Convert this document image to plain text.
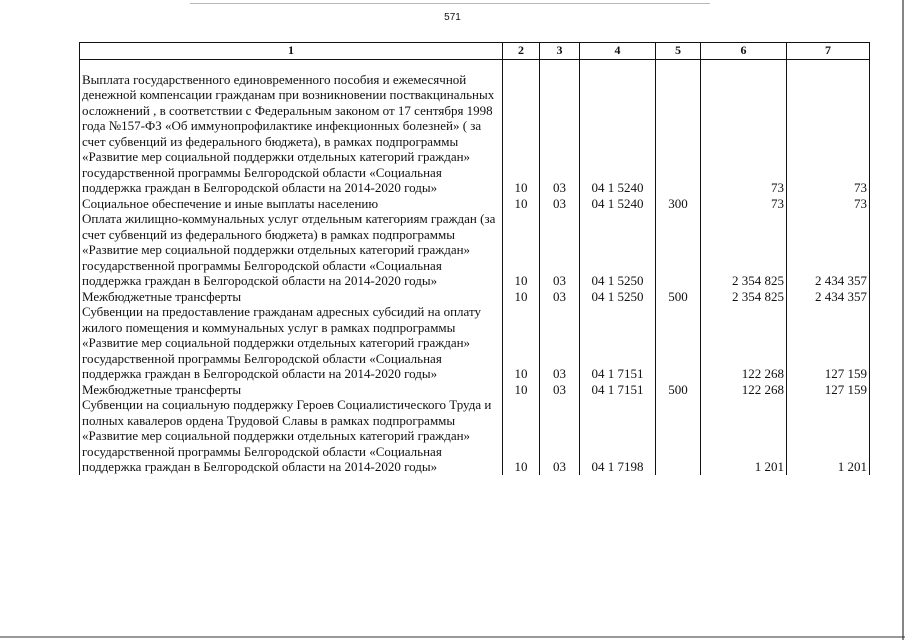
571
1	2	3	4	5	6	7

Выплата государственного единовременного пособия и ежемесячной денежной компенсации гражданам при возникновении поствакцинальных осложнений , в соответствии с Федеральным законом от 17 сентября 1998 года №157-ФЗ «Об иммунопрофилактике инфекционных болезней» ( за счет субвенций из федерального бюджета), в рамках подпрограммы «Развитие мер социальной поддержки отдельных категорий граждан» государственной программы Белгородской области «Социальная поддержка граждан в Белгородской области на 2014-2020 годы»	10	03	04 1 5240		73	73
Социальное обеспечение и иные выплаты населению	10	03	04 1 5240	300	73	73
Оплата жилищно-коммунальных услуг отдельным категориям граждан (за счет субвенций из федерального бюджета) в рамках подпрограммы «Развитие мер социальной поддержки отдельных категорий граждан» государственной программы Белгородской области «Социальная поддержка граждан в Белгородской области на 2014-2020 годы»	10	03	04 1 5250		2 354 825	2 434 357
Межбюджетные трансферты	10	03	04 1 5250	500	2 354 825	2 434 357
Субвенции на предоставление гражданам адресных субсидий на оплату жилого помещения и коммунальных услуг в рамках подпрограммы «Развитие мер социальной поддержки отдельных категорий граждан» государственной программы Белгородской области «Социальная поддержка граждан в Белгородской области на 2014-2020 годы»	10	03	04 1 7151		122 268	127 159
Межбюджетные трансферты	10	03	04 1 7151	500	122 268	127 159
Субвенции на социальную поддержку Героев Социалистического Труда и полных кавалеров ордена Трудовой Славы в рамках подпрограммы «Развитие мер социальной поддержки отдельных категорий граждан» государственной программы Белгородской области «Социальная поддержка граждан в Белгородской области на 2014-2020 годы»	10	03	04 1 7198		1 201	1 201
